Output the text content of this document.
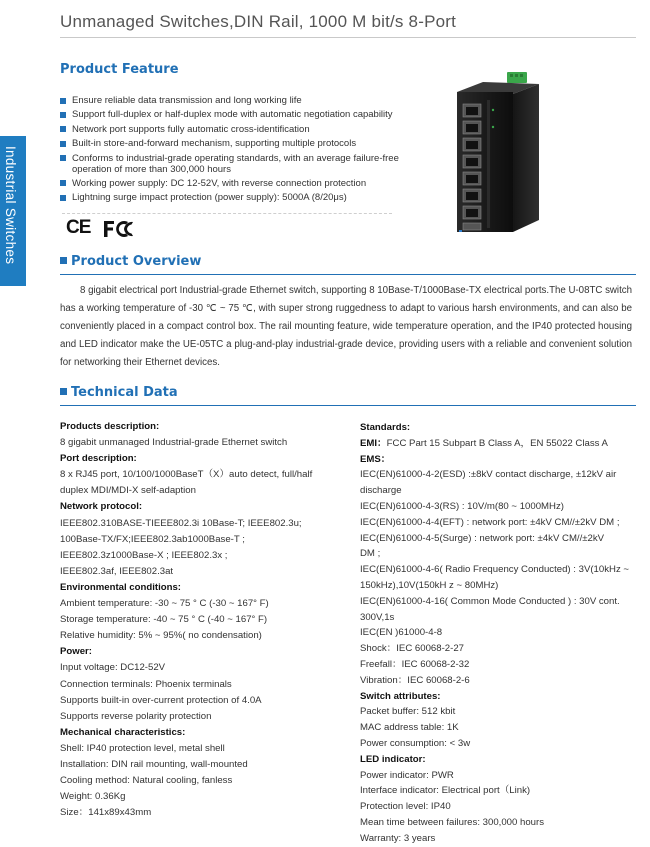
Unmanaged Switches,DIN Rail, 1000 M bit/s 8-Port
Industrial Switches
Product Feature
Ensure reliable data transmission and long working life
Support full-duplex or half-duplex mode with automatic negotiation capability
Network port supports fully automatic cross-identification
Built-in store-and-forward mechanism, supporting multiple protocols
Conforms to industrial-grade operating standards, with an average failure-free operation of more than 300,000 hours
Working power supply: DC 12-52V, with reverse connection protection
Lightning surge impact protection (power supply): 5000A (8/20μs)
CE	FC
Product Overview

8 gigabit electrical port Industrial-grade Ethernet switch, supporting 8 10Base-T/1000Base-TX electrical ports.The U-08TC switch has a working temperature of -30 ℃ ~ 75 ℃, with super strong ruggedness to adapt to various harsh environments, and can also be conveniently placed in a compact control box. The rail mounting feature, wide temperature operation, and the IP40 protected housing and LED indicator make the UE-05TC a plug-and-play industrial-grade device, providing users with a reliable and convenient solution for networking their Ethernet devices.

Technical Data
Products description:
8 gigabit unmanaged Industrial-grade Ethernet switch
Port description:
8 x RJ45 port, 10/100/1000BaseT（X）auto detect, full/half
duplex MDI/MDI-X self-adaption
Network protocol:
IEEE802.310BASE-TIEEE802.3i 10Base-T; IEEE802.3u;
100Base-TX/FX;IEEE802.3ab1000Base-T ;
IEEE802.3z1000Base-X ; IEEE802.3x ;
IEEE802.3af, IEEE802.3at
Environmental conditions:
Ambient temperature: -30 ~ 75 ° C (-30 ~ 167° F)
Storage temperature: -40 ~ 75 ° C (-40 ~ 167° F)
Relative humidity: 5% ~ 95%( no condensation)
Power:
Input voltage: DC12-52V
Connection terminals: Phoenix terminals
Supports built-in over-current protection of 4.0A
Supports reverse polarity protection
Mechanical characteristics:
Shell: IP40 protection level, metal shell
Installation: DIN rail mounting, wall-mounted
Cooling method: Natural cooling, fanless
Weight: 0.36Kg
Size：141x89x43mm
Standards:
EMI：FCC Part 15 Subpart B Class A，EN 55022 Class A
EMS：
IEC(EN)61000-4-2(ESD) :±8kV contact discharge, ±12kV air
discharge
IEC(EN)61000-4-3(RS) : 10V/m(80 ~ 1000MHz)
IEC(EN)61000-4-4(EFT) : network port: ±4kV CM//±2kV DM ;
IEC(EN)61000-4-5(Surge) : network port: ±4kV CM//±2kV
DM ;
IEC(EN)61000-4-6( Radio Frequency Conducted) : 3V(10kHz ~
150kHz),10V(150kH z ~ 80MHz)
IEC(EN)61000-4-16( Common Mode Conducted ) : 30V cont.
300V,1s
IEC(EN )61000-4-8
Shock：IEC 60068-2-27
Freefall：IEC 60068-2-32
Vibration：IEC 60068-2-6
Switch attributes:
Packet buffer: 512 kbit
MAC address table: 1K
Power consumption: < 3w
LED indicator:
Power indicator: PWR
Interface indicator: Electrical port（Link)
Protection level: IP40
Mean time between failures: 300,000 hours
Warranty: 3 years
